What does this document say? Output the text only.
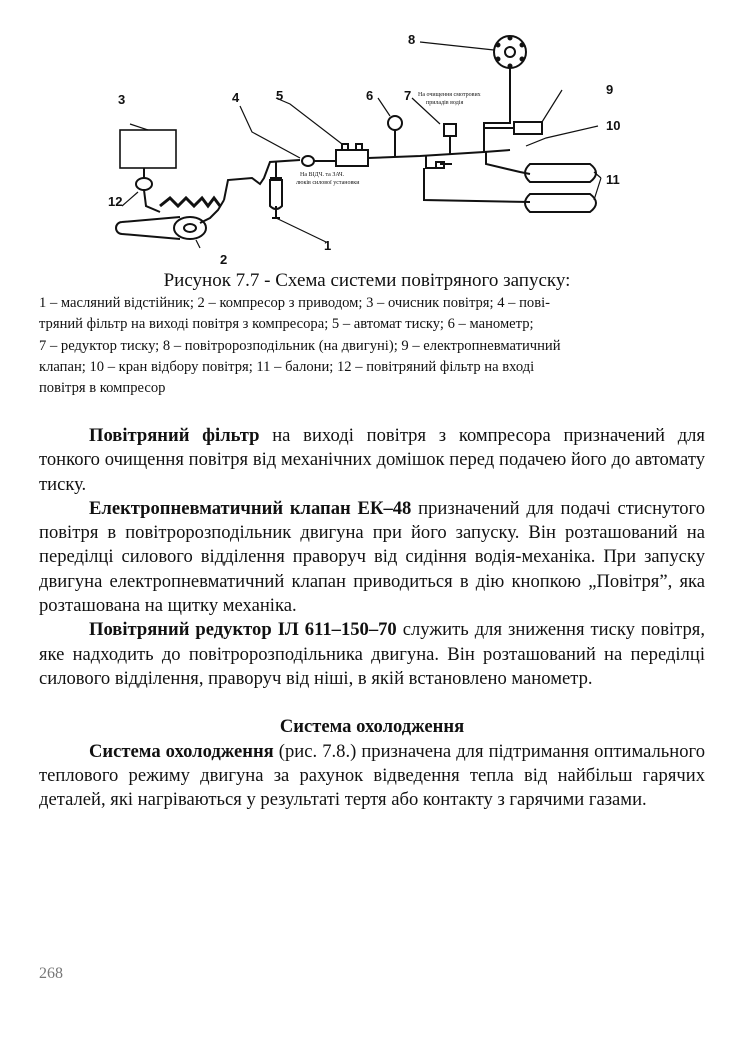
8
3	4	5	6 7	9
10
11
12
2
1
На очищення смотрових приладів водія
На ВІДЧ. та ЗАЧ. люків силової установки
Рисунок 7.7 - Схема системи повітряного запуску:
1 – масляний відстійник; 2 – компресор з приводом; 3 – очисник повітря; 4 – пові-
тряний фільтр на виході повітря з компресора; 5 – автомат тиску; 6 – манометр;
7 – редуктор тиску; 8 – повітророзподільник (на двигуні); 9 – електропневматичний
клапан; 10 – кран відбору повітря; 11 – балони; 12 – повітряний фільтр на вході
повітря в компресор

Повітряний фільтр на виході повітря з компресора призначений для тонкого очищення повітря від механічних домішок перед подачею його до автомату тиску.

Електропневматичний клапан ЕК–48 призначений для подачі стиснутого повітря в повітророзподільник двигуна при його запуску. Він розташований на переділці силового відділення праворуч від сидіння водія-механіка. При запуску двигуна електропневматичний клапан приводиться в дію кнопкою „Повітря”, яка розташована на щитку механіка.

Повітряний редуктор ІЛ 611–150–70 служить для зниження тиску повітря, яке надходить до повітророзподільника двигуна. Він розташований на переділці силового відділення, праворуч від ніші, в якій встановлено манометр.

Система охолодження

Система охолодження (рис. 7.8.) призначена для підтримання оптимального теплового режиму двигуна за рахунок відведення тепла від найбільш гарячих деталей, які нагріваються у результаті тертя або контакту з гарячими газами.

268
